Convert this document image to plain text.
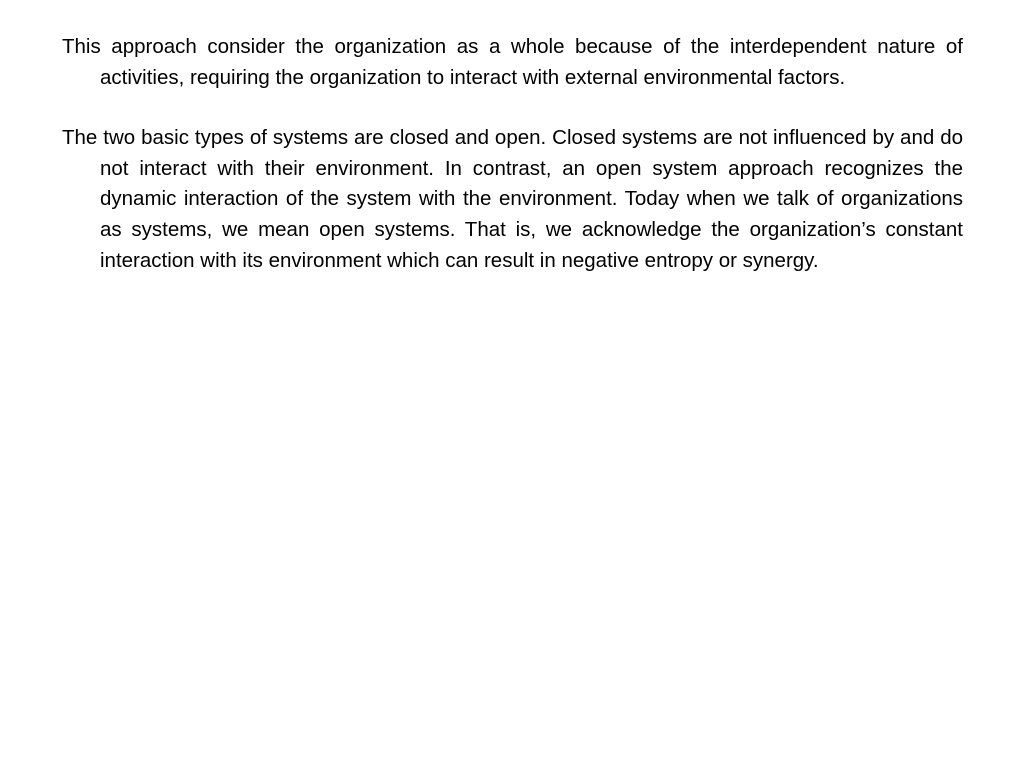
This approach consider the organization as a whole because of the interdependent nature of activities, requiring the organization to interact with external environmental factors.

The two basic types of systems are closed and open. Closed systems are not influenced by and do not interact with their environment. In contrast, an open system approach recognizes the dynamic interaction of the system with the environment. Today when we talk of organizations as systems, we mean open systems. That is, we acknowledge the organization’s constant interaction with its environment which can result in negative entropy or synergy.
